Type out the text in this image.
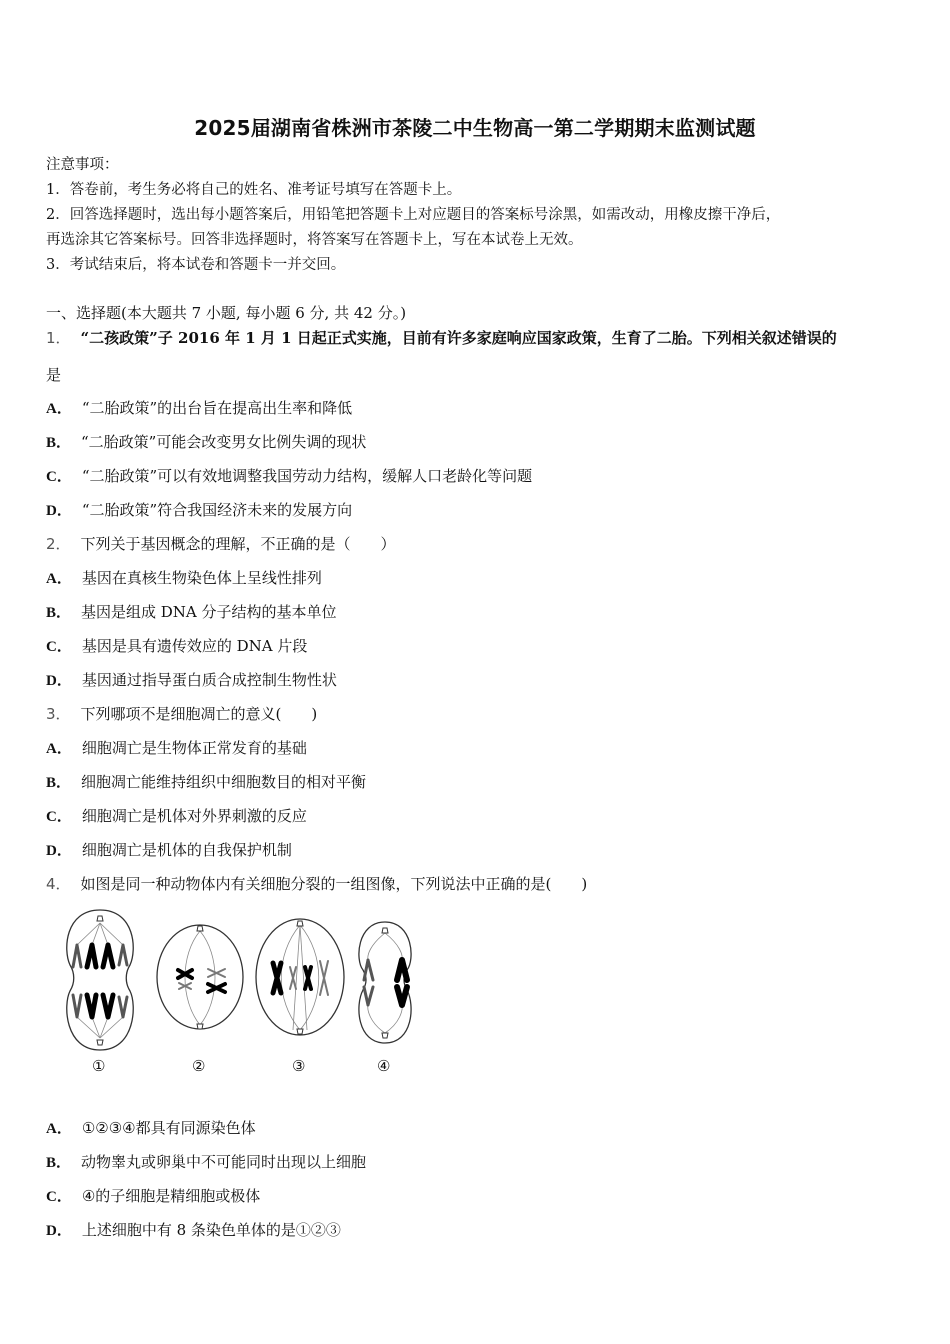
2025届湖南省株洲市茶陵二中生物高一第二学期期末监测试题
注意事项：
1．答卷前，考生务必将自己的姓名、准考证号填写在答题卡上。
2．回答选择题时，选出每小题答案后，用铅笔把答题卡上对应题目的答案标号涂黑，如需改动，用橡皮擦干净后，
再选涂其它答案标号。回答非选择题时，将答案写在答题卡上，写在本试卷上无效。
3．考试结束后，将本试卷和答题卡一并交回。
一、选择题(本大题共 7 小题, 每小题 6 分, 共 42 分。)
1． “二孩政策”子 2016 年 1 月 1 日起正式实施，目前有许多家庭响应国家政策，生育了二胎。下列相关叙述错误的
是
A． “二胎政策”的出台旨在提高出生率和降低
B． “二胎政策”可能会改变男女比例失调的现状
C． “二胎政策”可以有效地调整我国劳动力结构，缓解人口老龄化等问题
D． “二胎政策”符合我国经济未来的发展方向
2． 下列关于基因概念的理解，不正确的是（　　）
A． 基因在真核生物染色体上呈线性排列
B． 基因是组成 DNA 分子结构的基本单位
C． 基因是具有遗传效应的 DNA 片段
D． 基因通过指导蛋白质合成控制生物性状
3． 下列哪项不是细胞凋亡的意义(　　)
A． 细胞凋亡是生物体正常发育的基础
B． 细胞凋亡能维持组织中细胞数目的相对平衡
C． 细胞凋亡是机体对外界刺激的反应
D． 细胞凋亡是机体的自我保护机制
4． 如图是同一种动物体内有关细胞分裂的一组图像，下列说法中正确的是(　　)
①	②	③	④
A． ①②③④都具有同源染色体
B． 动物睾丸或卵巢中不可能同时出现以上细胞
C． ④的子细胞是精细胞或极体
D． 上述细胞中有 8 条染色单体的是①②③
